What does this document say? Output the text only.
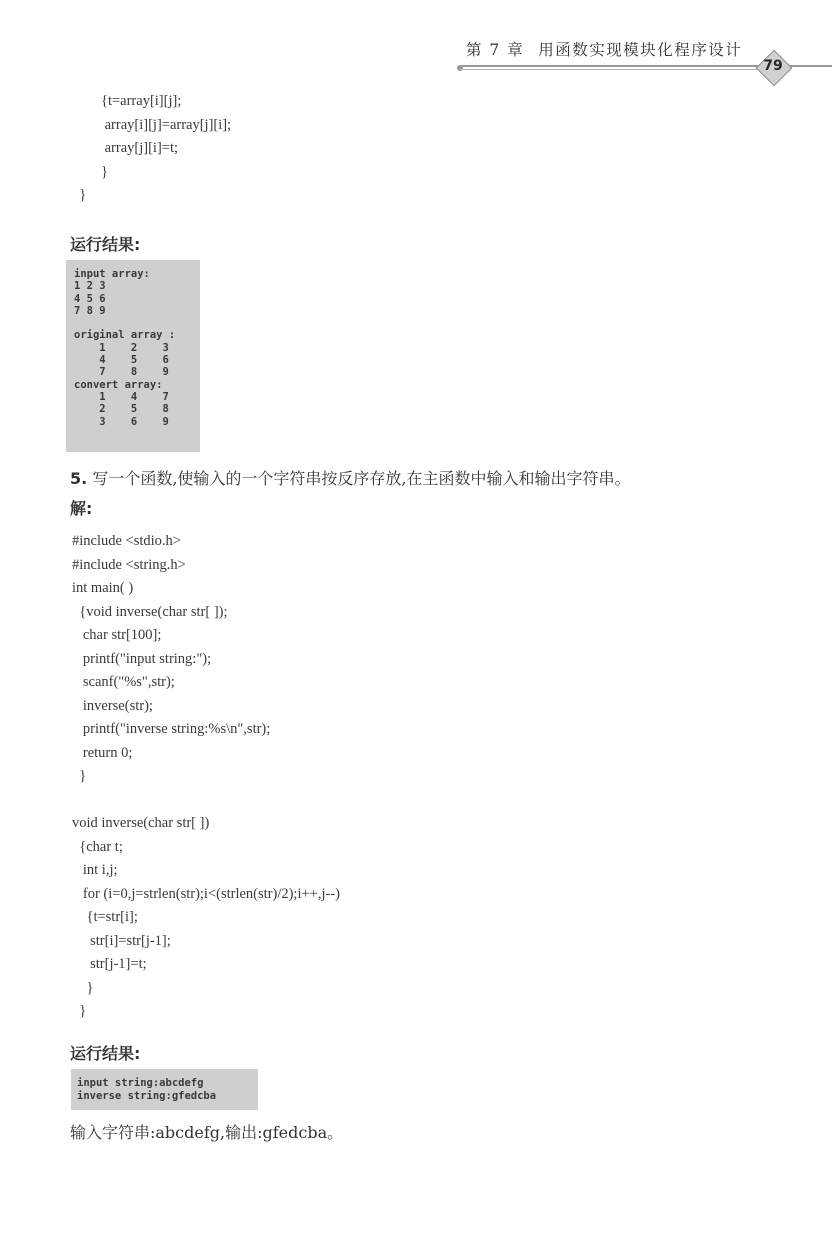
第 7 章 用函数实现模块化程序设计
79
{t=array[i][j];
array[i][j]=array[j][i];
array[j][i]=t;
}
}
运行结果:
input array:
1 2 3
4 5 6
7 8 9

original array :
1    2    3
4    5    6
7    8    9
convert array:
1    4    7
2    5    8
3    6    9
5. 写一个函数,使输入的一个字符串按反序存放,在主函数中输入和输出字符串。
解:
#include <stdio.h>
#include <string.h>
int main( )
{void inverse(char str[ ]);
char str[100];
printf("input string:");
scanf("%s",str);
inverse(str);
printf("inverse string:%s\n",str);
return 0;
}

void inverse(char str[ ])
{char t;
int i,j;
for (i=0,j=strlen(str);i<(strlen(str)/2);i++,j--)
{t=str[i];
str[i]=str[j-1];
str[j-1]=t;
}
}
运行结果:
input string:abcdefg
inverse string:gfedcba
输入字符串:abcdefg,输出:gfedcba。
